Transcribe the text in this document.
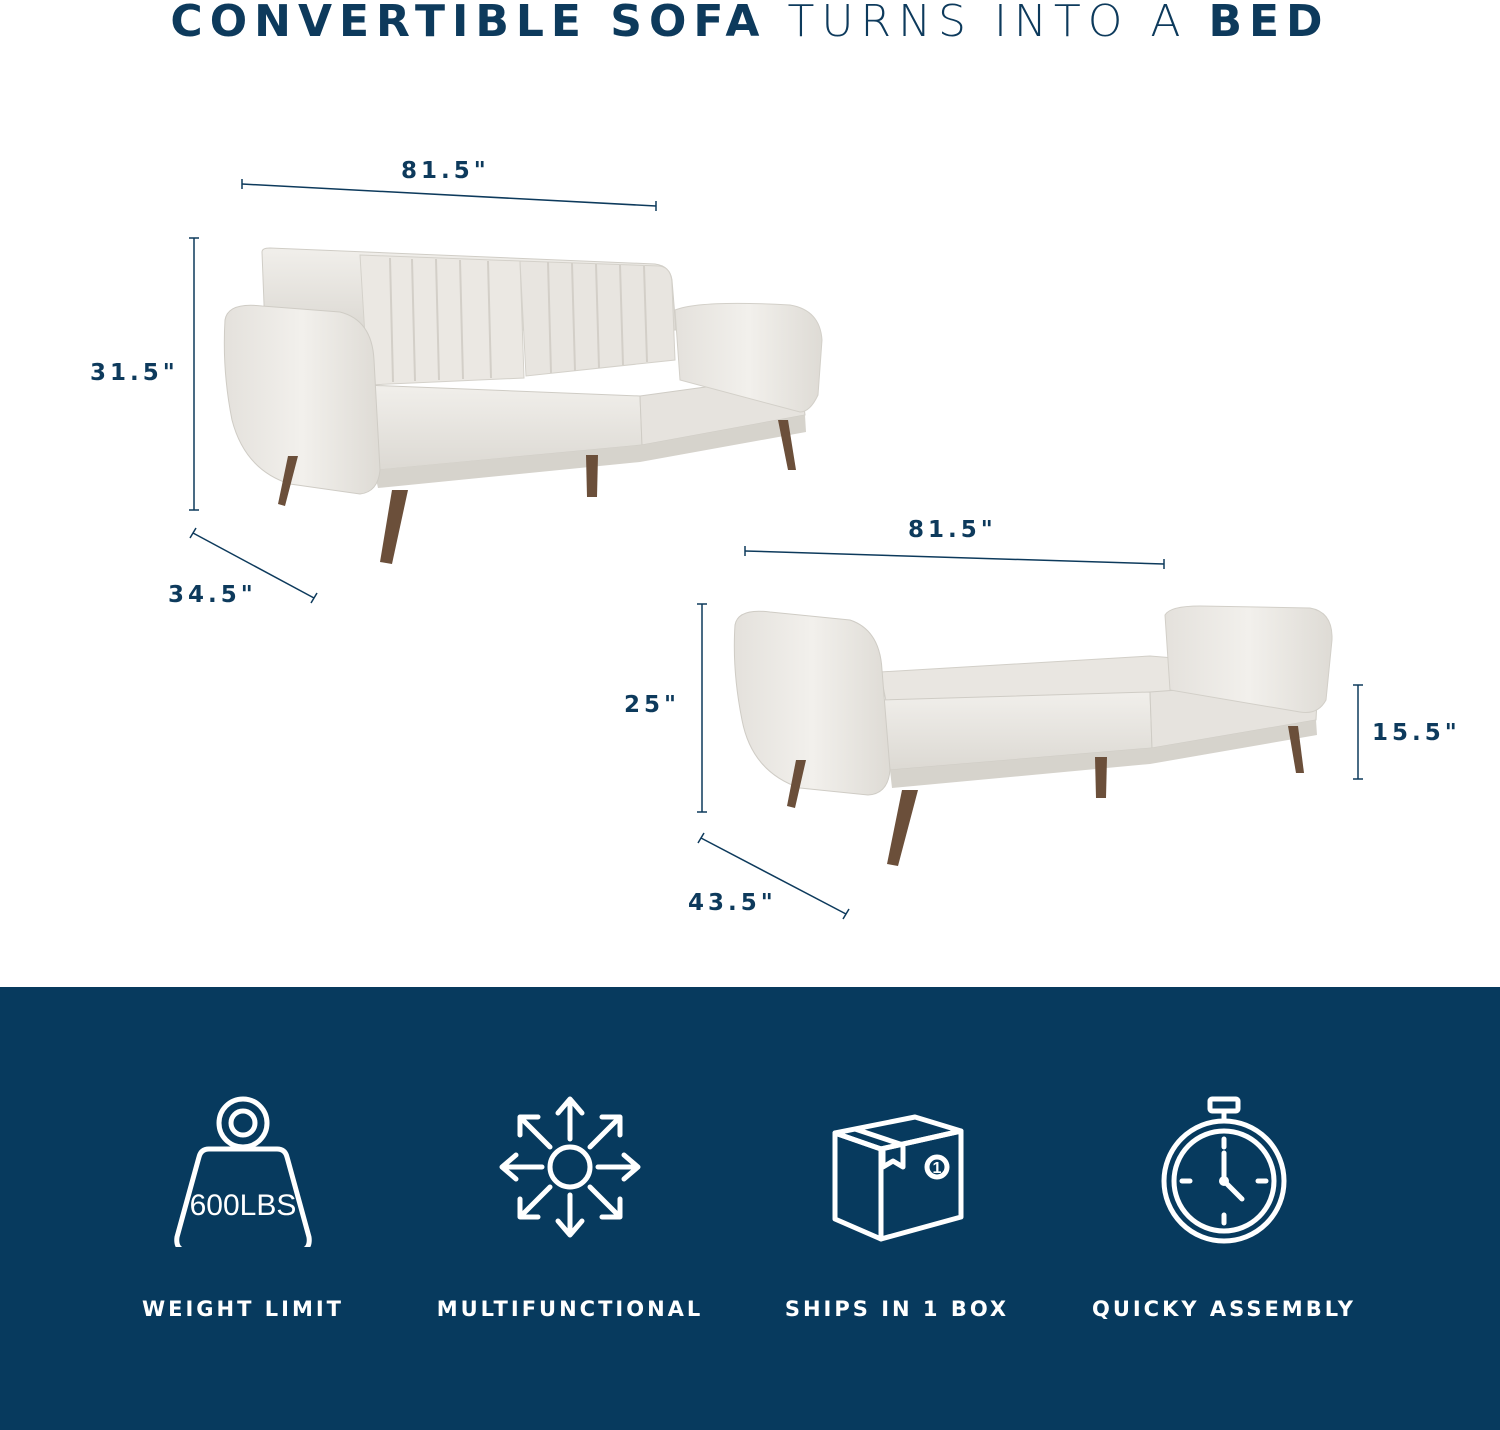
CONVERTIBLE SOFA TURNS INTO A BED
81.5"
31.5"
34.5"
81.5"
25"
15.5"
43.5"
600LBS
WEIGHT LIMIT	MULTIFUNCTIONAL
1
SHIPS IN 1 BOX	QUICKY ASSEMBLY
